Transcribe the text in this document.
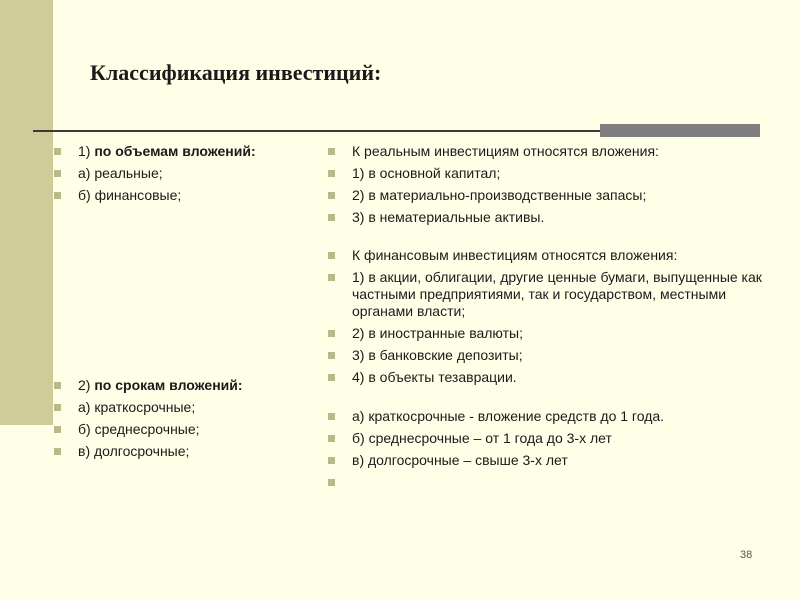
Классификация инвестиций:
1) по объемам вложений:
а) реальные;
б) финансовые;
2) по срокам вложений:
а) краткосрочные;
б) среднесрочные;
в) долгосрочные;
К реальным инвестициям относятся вложения:
1) в основной капитал;
2) в материально-производственные запасы;
3) в нематериальные активы.
К финансовым инвестициям относятся вложения:
1) в акции, облигации, другие ценные бумаги, выпущенные как частными предприятиями, так и государством, местными органами власти;
2) в иностранные валюты;
3) в банковские депозиты;
4) в объекты тезаврации.
а) краткосрочные - вложение средств до 1 года.
б) среднесрочные – от 1 года до 3-х лет
в) долгосрочные – свыше 3-х лет

38
